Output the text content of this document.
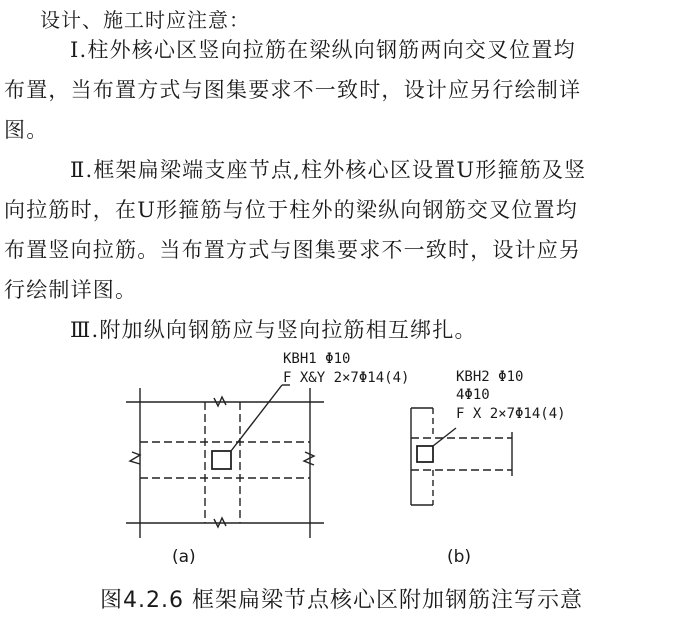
设计、施工时应注意：
Ⅰ.柱外核心区竖向拉筋在梁纵向钢筋两向交叉位置均
布置，当布置方式与图集要求不一致时，设计应另行绘制详
图。
Ⅱ.框架扁梁端支座节点,柱外核心区设置U形箍筋及竖
向拉筋时，在U形箍筋与位于柱外的梁纵向钢筋交叉位置均
布置竖向拉筋。当布置方式与图集要求不一致时，设计应另
行绘制详图。
Ⅲ.附加纵向钢筋应与竖向拉筋相互绑扎。
KBH1 Φ10
F X&Y 2×7Φ14(4)	KBH2 Φ10
4Φ10
F X 2×7Φ14(4)
(a)	(b)
图4.2.6 框架扁梁节点核心区附加钢筋注写示意
